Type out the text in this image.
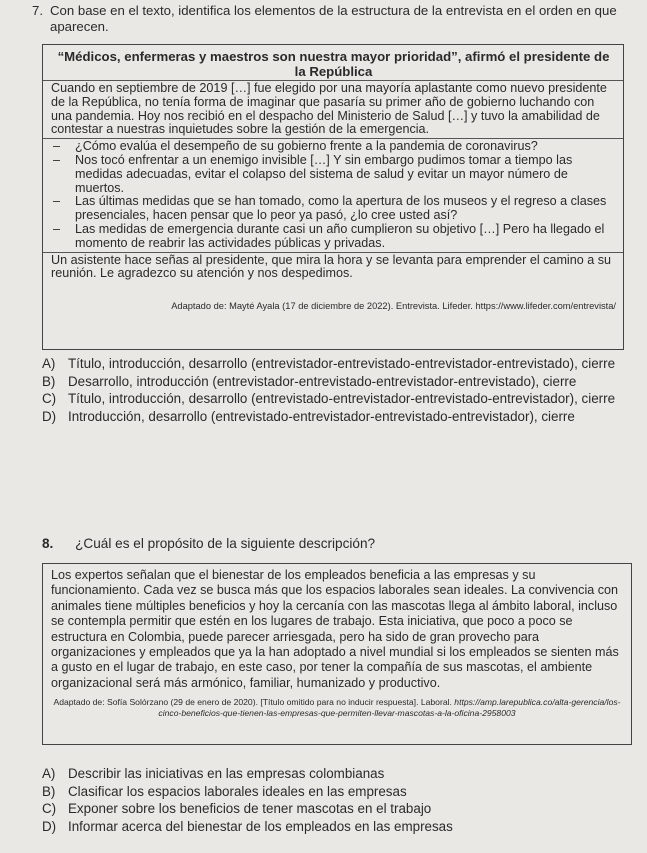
7. Con base en el texto, identifica los elementos de la estructura de la entrevista en el orden en que aparecen.
“Médicos, enfermeras y maestros son nuestra mayor prioridad”, afirmó el presidente de la República
Cuando en septiembre de 2019 […] fue elegido por una mayoría aplastante como nuevo presidente de la República, no tenía forma de imaginar que pasaría su primer año de gobierno luchando con una pandemia. Hoy nos recibió en el despacho del Ministerio de Salud […] y tuvo la amabilidad de contestar a nuestras inquietudes sobre la gestión de la emergencia.
– ¿Cómo evalúa el desempeño de su gobierno frente a la pandemia de coronavirus?
– Nos tocó enfrentar a un enemigo invisible […] Y sin embargo pudimos tomar a tiempo las medidas adecuadas, evitar el colapso del sistema de salud y evitar un mayor número de muertos.
– Las últimas medidas que se han tomado, como la apertura de los museos y el regreso a clases presenciales, hacen pensar que lo peor ya pasó, ¿lo cree usted así?
– Las medidas de emergencia durante casi un año cumplieron su objetivo […] Pero ha llegado el momento de reabrir las actividades públicas y privadas.
Un asistente hace señas al presidente, que mira la hora y se levanta para emprender el camino a su reunión. Le agradezco su atención y nos despedimos.
Adaptado de: Mayté Ayala (17 de diciembre de 2022). Entrevista. Lifeder. https://www.lifeder.com/entrevista/
A) Título, introducción, desarrollo (entrevistador-entrevistado-entrevistador-entrevistado), cierre
B) Desarrollo, introducción (entrevistador-entrevistado-entrevistador-entrevistado), cierre
C) Título, introducción, desarrollo (entrevistado-entrevistador-entrevistado-entrevistador), cierre
D) Introducción, desarrollo (entrevistado-entrevistador-entrevistado-entrevistador), cierre
8. ¿Cuál es el propósito de la siguiente descripción?
Los expertos señalan que el bienestar de los empleados beneficia a las empresas y su funcionamiento. Cada vez se busca más que los espacios laborales sean ideales. La convivencia con animales tiene múltiples beneficios y hoy la cercanía con las mascotas llega al ámbito laboral, incluso se contempla permitir que estén en los lugares de trabajo. Esta iniciativa, que poco a poco se estructura en Colombia, puede parecer arriesgada, pero ha sido de gran provecho para organizaciones y empleados que ya la han adoptado a nivel mundial si los empleados se sienten más a gusto en el lugar de trabajo, en este caso, por tener la compañía de sus mascotas, el ambiente organizacional será más armónico, familiar, humanizado y productivo.
Adaptado de: Sofía Solórzano (29 de enero de 2020). [Título omitido para no inducir respuesta]. Laboral. https://amp.larepublica.co/alta-gerencia/los-cinco-beneficios-que-tienen-las-empresas-que-permiten-llevar-mascotas-a-la-oficina-2958003
A) Describir las iniciativas en las empresas colombianas
B) Clasificar los espacios laborales ideales en las empresas
C) Exponer sobre los beneficios de tener mascotas en el trabajo
D) Informar acerca del bienestar de los empleados en las empresas
